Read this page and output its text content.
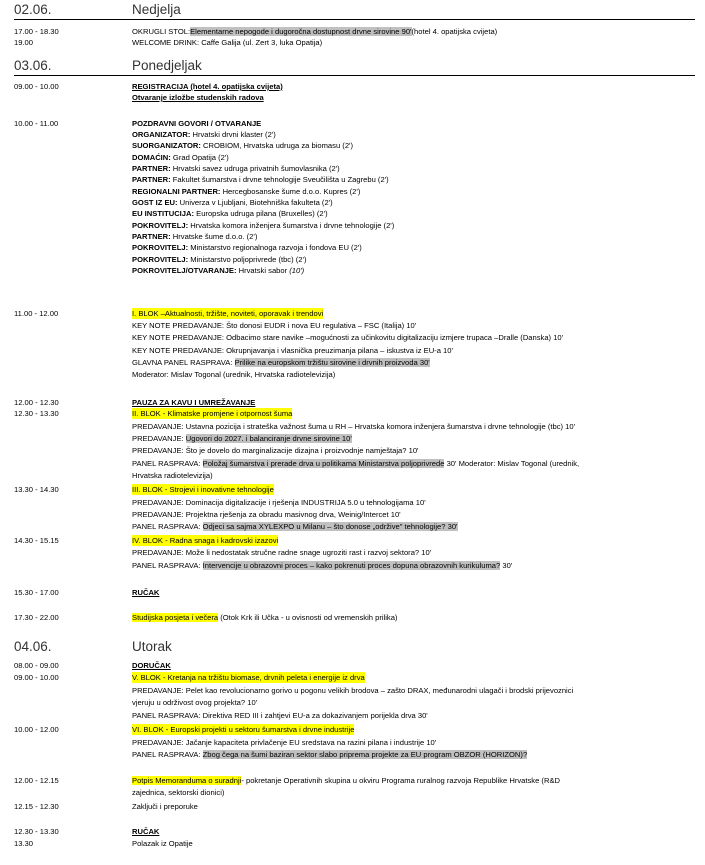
02.06.	Nedjelja
17.00 - 18.30	OKRUGLI STOL:Elementarne nepogode i dugoročna dostupnost drvne sirovine 90'(hotel 4. opatijska cvijeta)
19.00	WELCOME DRINK: Caffe Galija (ul. Zert 3, luka Opatija)
03.06.	Ponedjeljak
09.00 - 10.00	REGISTRACIJA (hotel 4. opatijska cvijeta)
Otvaranje izložbe studenskih radova
10.00 - 11.00	POZDRAVNI GOVORI / OTVARANJE
ORGANIZATOR: Hrvatski drvni klaster (2')
SUORGANIZATOR: CROBIOM, Hrvatska udruga za biomasu (2')
DOMAĆIN: Grad Opatija (2')
PARTNER: Hrvatski savez udruga privatnih šumovlasnika (2')
PARTNER: Fakultet šumarstva i drvne tehnologije Sveučilišta u Zagrebu (2')
REGIONALNI PARTNER: Hercegbosanske šume d.o.o. Kupres (2')
GOST IZ EU: Univerza v Ljubljani, Biotehniška fakulteta (2')
EU INSTITUCIJA: Europska udruga pilana (Bruxelles) (2')
POKROVITELJ: Hrvatska komora inženjera šumarstva i drvne tehnologije (2')
PARTNER: Hrvatske šume d.o.o. (2')
POKROVITELJ: Ministarstvo regionalnoga razvoja i fondova EU (2')
POKROVITELJ: Ministarstvo poljoprivrede (tbc) (2')
POKROVITELJ/OTVARANJE: Hrvatski sabor (10')
11.00 - 12.00	I. BLOK –Aktualnosti, tržište, noviteti, oporavak i trendovi
KEY NOTE PREDAVANJE: Što donosi EUDR i nova EU regulativa – FSC (Italija) 10'
KEY NOTE PREDAVANJE: Odbacimo stare navike –mogućnosti za učinkovitu digitalizaciju izmjere trupaca –Dralle (Danska) 10'
KEY NOTE PREDAVANJE: Okrupnjavanja i vlasnička preuzimanja pilana – iskustva iz EU-a 10'
GLAVNA PANEL RASPRAVA: Prilike na europskom tržištu sirovine i drvnih proizvoda 30'
Moderator: Mislav Togonal (urednik, Hrvatska radiotelevizija)
12.00 - 12.30	PAUZA ZA KAVU I UMREŽAVANJE
12.30 - 13.30	II. BLOK - Klimatske promjene i otpornost šuma
PREDAVANJE: Ustavna pozicija i strateška važnost šuma u RH – Hrvatska komora inženjera šumarstva i drvne tehnologije (tbc) 10'
PREDAVANJE: Ugovori do 2027. i balanciranje drvne sirovine 10'
PREDAVANJE: Što je dovelo do marginalizacije dizajna i proizvodnje namještaja? 10'
PANEL RASPRAVA: Položaj šumarstva i prerade drva u politikama Ministarstva poljoprivrede 30' Moderator: Mislav Togonal (urednik,
Hrvatska radiotelevizija)
13.30 - 14.30	III. BLOK - Strojevi i inovativne tehnologije
PREDAVANJE: Dominacija digitalizacije i rješenja INDUSTRIJA 5.0 u tehnologijama 10'
PREDAVANJE: Projektna rješenja za obradu masivnog drva, Weinig/Intercet 10'
PANEL RASPRAVA: Odjeci sa sajma XYLEXPO u Milanu – što donose „održive" tehnologije? 30'
14.30 - 15.15	IV. BLOK - Radna snaga i kadrovski izazovi
PREDAVANJE: Može li nedostatak stručne radne snage ugroziti rast i razvoj sektora? 10'
PANEL RASPRAVA: Intervencije u obrazovni proces – kako pokrenuti proces dopuna obrazovnih kurikuluma? 30'
15.30 - 17.00	RUČAK
17.30 - 22.00	Studijska posjeta i večera (Otok Krk ili Učka - u ovisnosti od vremenskih prilika)
04.06.	Utorak
08.00 - 09.00	DORUČAK
09.00 - 10.00	V. BLOK - Kretanja na tržištu biomase, drvnih peleta i energije iz drva
PREDAVANJE: Pelet kao revolucionarno gorivo u pogonu velikih brodova – zašto DRAX, međunarodni ulagači i brodski prijevoznici
vjeruju u održivost ovog projekta? 10'
PANEL RASPRAVA: Direktiva RED III i zahtjevi EU-a za dokazivanjem porijekla drva 30'
10.00 - 12.00	VI. BLOK - Europski projekti u sektoru šumarstva i drvne industrije
PREDAVANJE: Jačanje kapaciteta privlačenje EU sredstava na razini pilana i industrije 10'
PANEL RASPRAVA: Zbog čega na šumi baziran sektor slabo priprema projekte za EU program OBZOR (HORIZON)?
12.00 - 12.15	Potpis Memoranduma o suradnji- pokretanje Operativnih skupina u okviru Programa ruralnog razvoja Republike Hrvatske (R&D
zajednica, sektorski dionici)
12.15 - 12.30	Zaključi i preporuke
12.30 - 13.30	RUČAK
13.30	Polazak iz Opatije
